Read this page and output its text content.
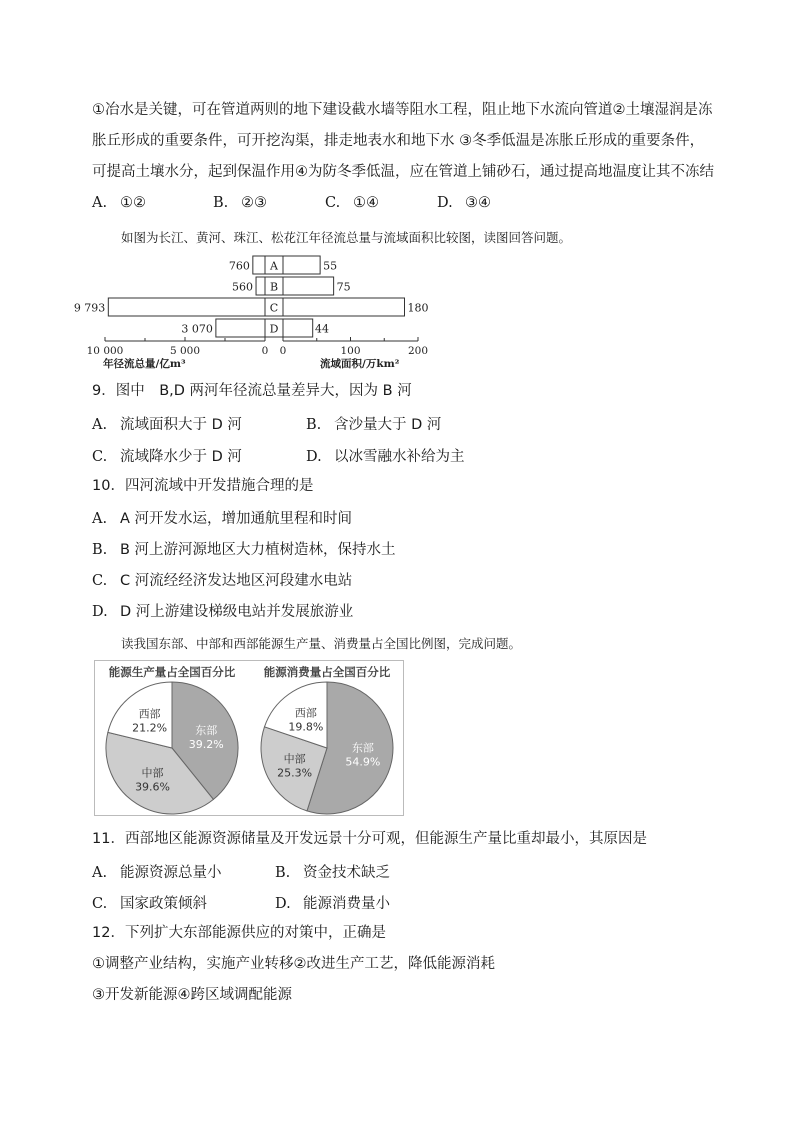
①冶水是关键，可在管道两则的地下建设截水墙等阻水工程，阻止地下水流向管道②土壤湿润是冻
胀丘形成的重要条件，可开挖沟渠，排走地表水和地下水 ③冬季低温是冻胀丘形成的重要条件，
可提高土壤水分，起到保温作用④为防冬季低温，应在管道上铺砂石，通过提高地温度让其不冻结
A. ①②	B. ②③	C. ①④	D. ③④
如图为长江、黄河、珠江、松花江年径流总量与流域面积比较图，读图回答问题。
A
B
C
D
760
560
9 793
3 070
55
75
180
44
10 000	5 000	0 0	100	200
年径流总量/亿m³	流域面积/万km²
9．图中　B,D 两河年径流总量差异大，因为 B 河
A. 流域面积大于 D 河	B. 含沙量大于 D 河
C. 流域降水少于 D 河	D. 以冰雪融水补给为主
10．四河流域中开发措施合理的是
A. A 河开发水运，增加通航里程和时间
B. B 河上游河源地区大力植树造林，保持水土
C. C 河流经经济发达地区河段建水电站
D. D 河上游建设梯级电站并发展旅游业
读我国东部、中部和西部能源生产量、消费量占全国比例图，完成问题。
能源生产量占全国百分比
东部
39.2%
中部
39.6%
西部
21.2%
能源消费量占全国百分比
东部
54.9%
中部
25.3%
西部
19.8%
11．西部地区能源资源储量及开发远景十分可观，但能源生产量比重却最小，其原因是
A. 能源资源总量小	B. 资金技术缺乏
C. 国家政策倾斜	D. 能源消费量小
12．下列扩大东部能源供应的对策中，正确是
①调整产业结构，实施产业转移②改进生产工艺，降低能源消耗
③开发新能源④跨区域调配能源
